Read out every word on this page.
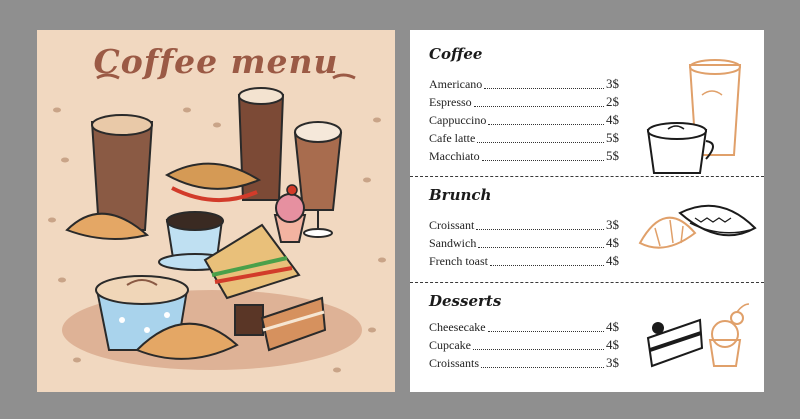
Coffee menu	Coffee
Americano	3$
Espresso	2$
Cappuccino	4$
Cafe latte	5$
Macchiato	5$
Brunch
Croissant	3$
Sandwich	4$
French toast	4$
Desserts
Cheesecake	4$
Cupcake	4$
Croissants	3$
